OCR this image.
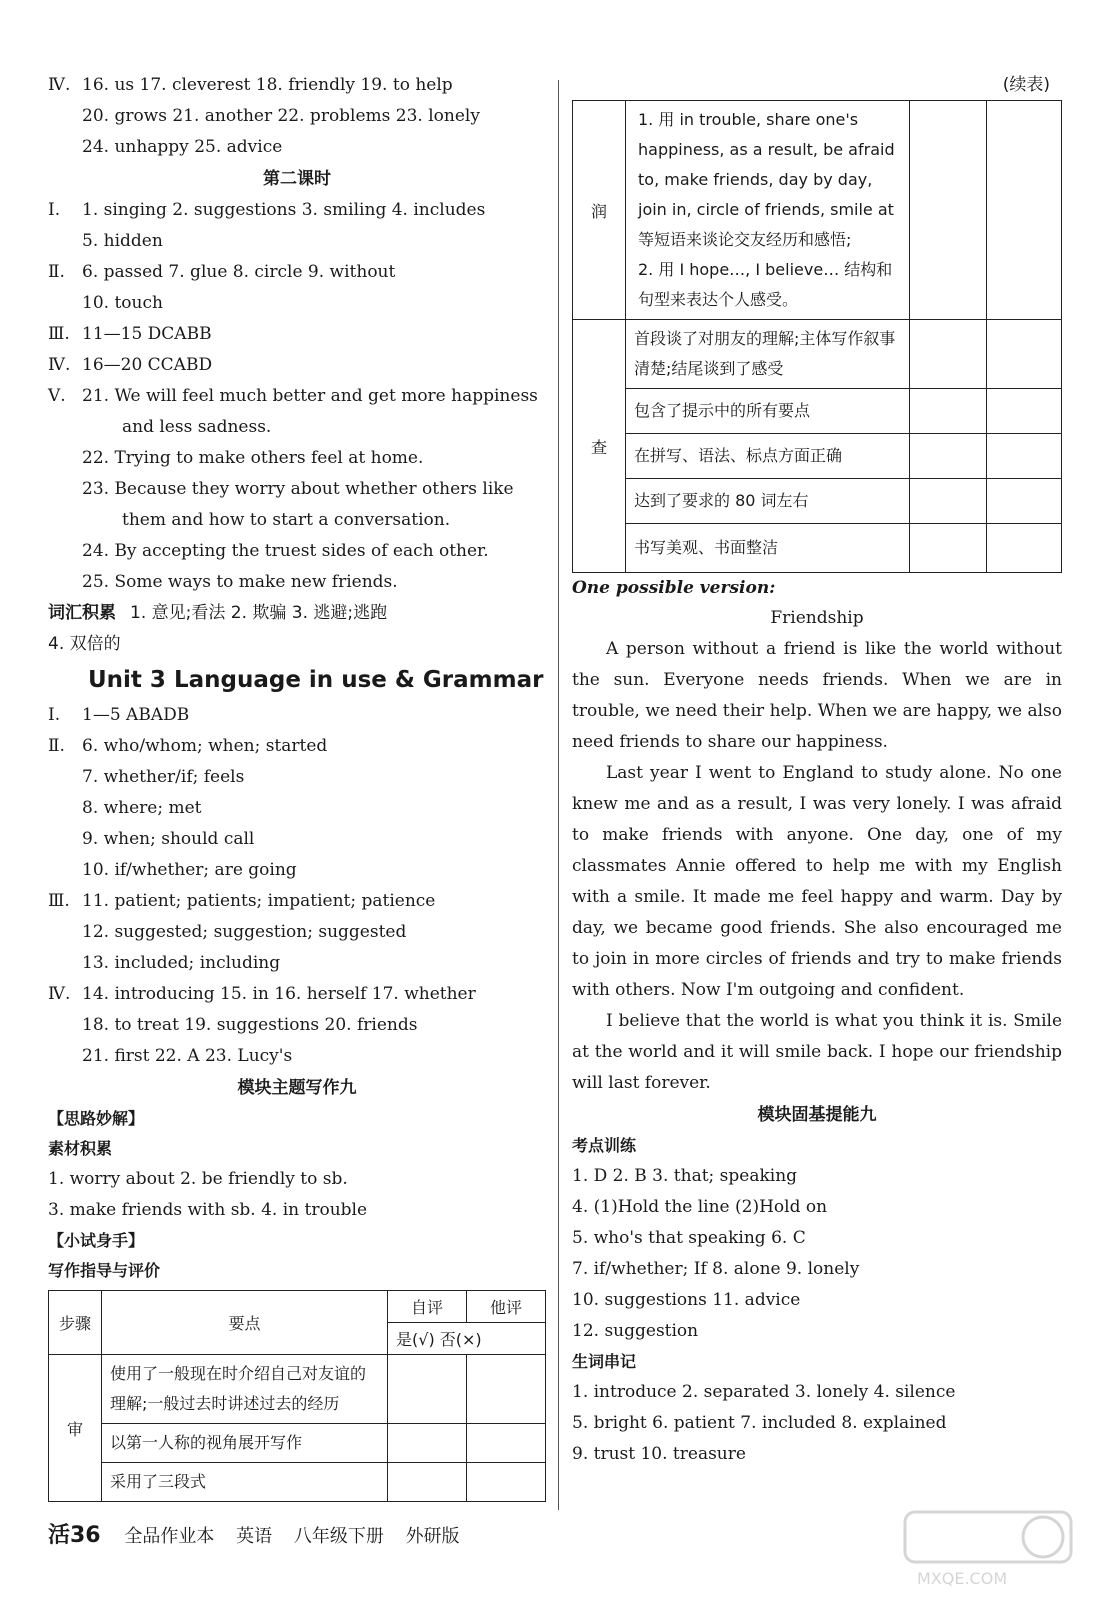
Ⅳ. 16. us 17. cleverest 18. friendly 19. to help
20. grows 21. another 22. problems 23. lonely
24. unhappy 25. advice
第二课时
Ⅰ. 1. singing 2. suggestions 3. smiling 4. includes
5. hidden
Ⅱ. 6. passed 7. glue 8. circle 9. without
10. touch
Ⅲ. 11—15 DCABB
Ⅳ. 16—20 CCABD
Ⅴ. 21. We will feel much better and get more happiness
and less sadness.
22. Trying to make others feel at home.
23. Because they worry about whether others like
them and how to start a conversation.
24. By accepting the truest sides of each other.
25. Some ways to make new friends.
词汇积累 1. 意见;看法 2. 欺骗 3. 逃避;逃跑
4. 双倍的
Unit 3 Language in use & Grammar
Ⅰ. 1—5 ABADB
Ⅱ. 6. who/whom; when; started
7. whether/if; feels
8. where; met
9. when; should call
10. if/whether; are going
Ⅲ. 11. patient; patients; impatient; patience
12. suggested; suggestion; suggested
13. included; including
Ⅳ. 14. introducing 15. in 16. herself 17. whether
18. to treat 19. suggestions 20. friends
21. first 22. A 23. Lucy's
模块主题写作九
【思路妙解】
素材积累
1. worry about 2. be friendly to sb.
3. make friends with sb. 4. in trouble
【小试身手】
写作指导与评价
步骤	要点	自评	他评
		是(√) 否(×)	
审	使用了一般现在时介绍自己对友谊的理解;一般过去时讲述过去的经历		
	以第一人称的视角展开写作		
	采用了三段式		
(续表)
润	1. 用 in trouble, share one's happiness, as a result, be afraid to, make friends, day by day, join in, circle of friends, smile at 等短语来谈论交友经历和感悟;
2. 用 I hope…, I believe… 结构和句型来表达个人感受。		

查	首段谈了对朋友的理解;主体写作叙事清楚;结尾谈到了感受		
	包含了提示中的所有要点		
	在拼写、语法、标点方面正确		
	达到了要求的 80 词左右		
	书写美观、书面整洁		
One possible version:
Friendship

A person without a friend is like the world without the sun. Everyone needs friends. When we are in trouble, we need their help. When we are happy, we also need friends to share our happiness.

Last year I went to England to study alone. No one knew me and as a result, I was very lonely. I was afraid to make friends with anyone. One day, one of my classmates Annie offered to help me with my English with a smile. It made me feel happy and warm. Day by day, we became good friends. She also encouraged me to join in more circles of friends and try to make friends with others. Now I'm outgoing and confident.

I believe that the world is what you think it is. Smile at the world and it will smile back. I hope our friendship will last forever.

模块固基提能九
考点训练
1. D 2. B 3. that; speaking
4. (1)Hold the line (2)Hold on
5. who's that speaking 6. C
7. if/whether; If 8. alone 9. lonely
10. suggestions 11. advice
12. suggestion
生词串记
1. introduce 2. separated 3. lonely 4. silence
5. bright 6. patient 7. included 8. explained
9. trust 10. treasure
活36 全品作业本 英语 八年级下册 外研版
MXQE.COM
